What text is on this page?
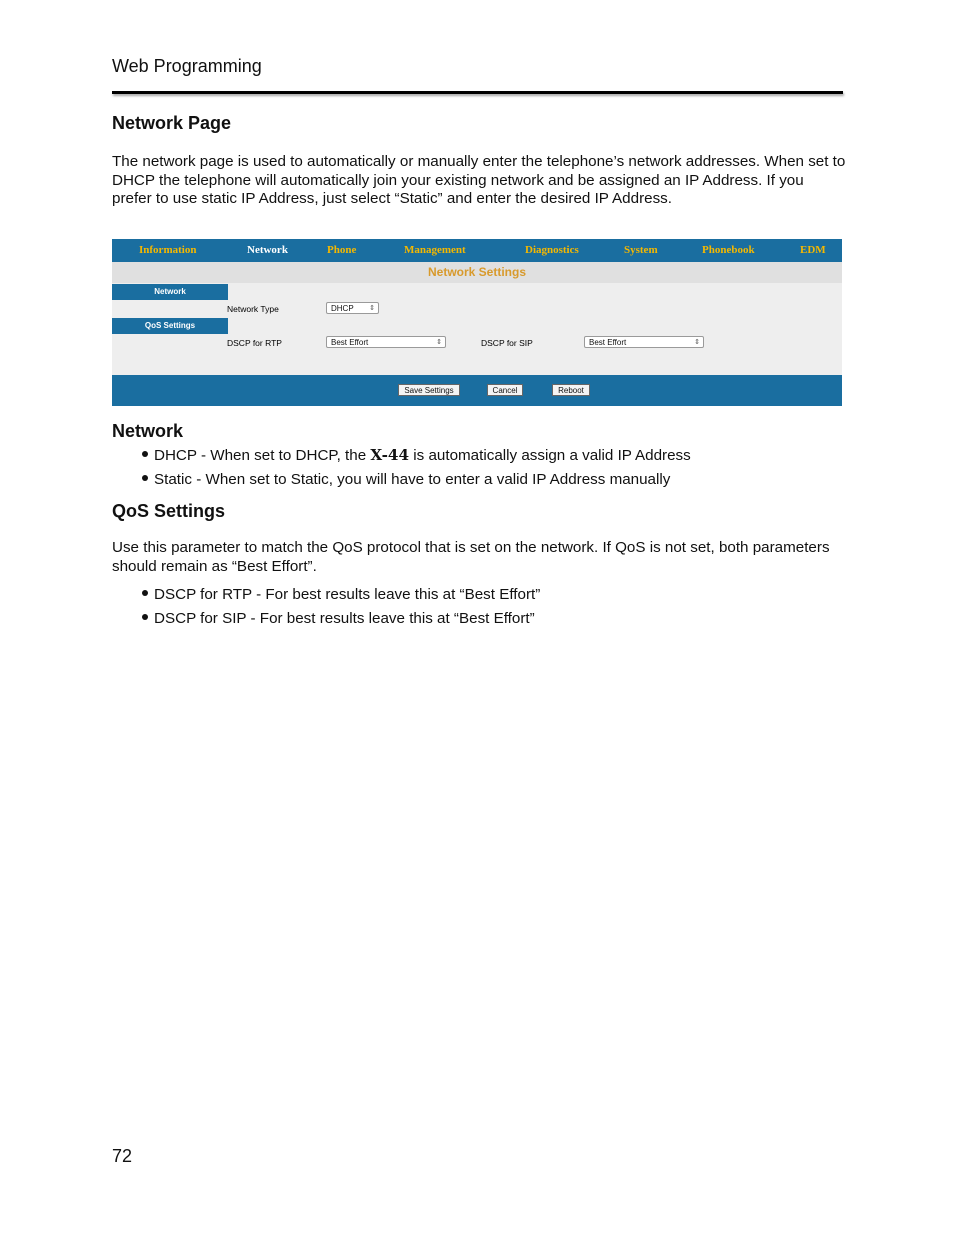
Web Programming
Network Page
The network page is used to automatically or manually enter the telephone’s network addresses. When set to DHCP the telephone will automatically join your existing network and be assigned an IP Address. If you prefer to use static IP Address, just select “Static” and enter the desired IP Address.
Information	Network	Phone	Management	Diagnostics	System	Phonebook	EDM
Network Settings
Network
QoS Settings
Network Type	DHCP ⇕
DSCP for RTP	Best Effort	⇕	DSCP for SIP	Best Effort	⇕
Save Settings	Cancel	Reboot
Network
DHCP - When set to DHCP, the X-44 is automatically assign a valid IP Address
Static - When set to Static, you will have to enter a valid IP Address manually
QoS Settings
Use this parameter to match the QoS protocol that is set on the network. If QoS is not set, both parameters should remain as “Best Effort”.
DSCP for RTP - For best results leave this at “Best Effort”
DSCP for SIP - For best results leave this at “Best Effort”
72
